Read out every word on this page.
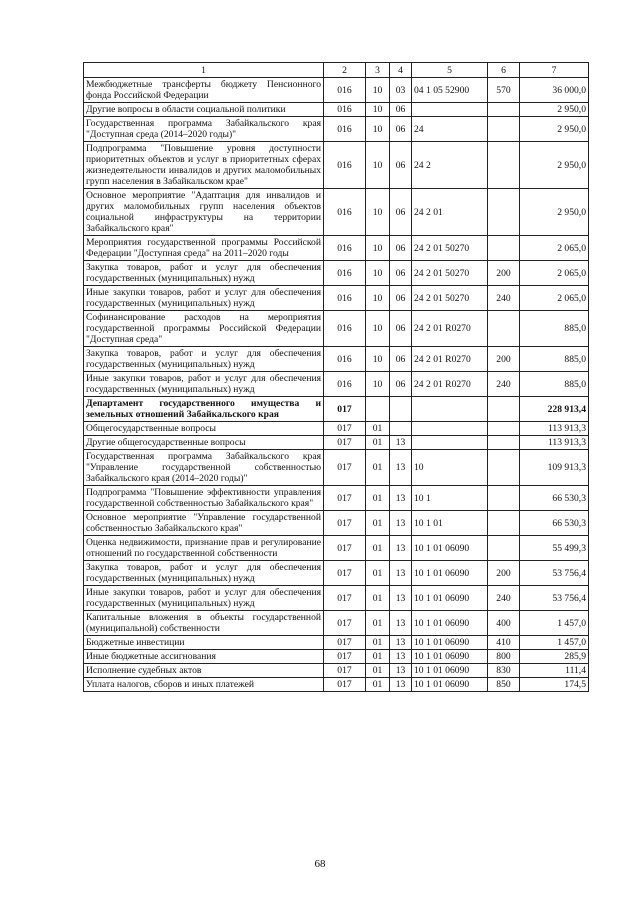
1	2	3	4	5	6	7
Межбюджетные трансферты бюджету Пенсионного фонда Российской Федерации	016	10	03	04 1 05 52900	570	36 000,0
Другие вопросы в области социальной политики	016	10	06			2 950,0
Государственная программа Забайкальского края "Доступная среда (2014–2020 годы)"	016	10	06	24		2 950,0
Подпрограмма "Повышение уровня доступности приоритетных объектов и услуг в приоритетных сферах жизнедеятельности инвалидов и других маломобильных групп населения в Забайкальском крае"	016	10	06	24 2		2 950,0
Основное мероприятие "Адаптация для инвалидов и других маломобильных групп населения объектов социальной инфраструктуры на территории Забайкальского края"	016	10	06	24 2 01		2 950,0
Мероприятия государственной программы Российской Федерации "Доступная среда" на 2011–2020 годы	016	10	06	24 2 01 50270		2 065,0
Закупка товаров, работ и услуг для обеспечения государственных (муниципальных) нужд	016	10	06	24 2 01 50270	200	2 065,0
Иные закупки товаров, работ и услуг для обеспечения государственных (муниципальных) нужд	016	10	06	24 2 01 50270	240	2 065,0
Софинансирование расходов на мероприятия государственной программы Российской Федерации "Доступная среда"	016	10	06	24 2 01 R0270		885,0
Закупка товаров, работ и услуг для обеспечения государственных (муниципальных) нужд	016	10	06	24 2 01 R0270	200	885,0
Иные закупки товаров, работ и услуг для обеспечения государственных (муниципальных) нужд	016	10	06	24 2 01 R0270	240	885,0
Департамент государственного имущества и земельных отношений Забайкальского края	017					228 913,4
Общегосударственные вопросы	017	01				113 913,3
Другие общегосударственные вопросы	017	01	13			113 913,3
Государственная программа Забайкальского края "Управление государственной собственностью Забайкальского края (2014–2020 годы)"	017	01	13	10		109 913,3
Подпрограмма "Повышение эффективности управления государственной собственностью Забайкальского края"	017	01	13	10 1		66 530,3
Основное мероприятие "Управление государственной собственностью Забайкальского края"	017	01	13	10 1 01		66 530,3
Оценка недвижимости, признание прав и регулирование отношений по государственной собственности	017	01	13	10 1 01 06090		55 499,3
Закупка товаров, работ и услуг для обеспечения государственных (муниципальных) нужд	017	01	13	10 1 01 06090	200	53 756,4
Иные закупки товаров, работ и услуг для обеспечения государственных (муниципальных) нужд	017	01	13	10 1 01 06090	240	53 756,4
Капитальные вложения в объекты государственной (муниципальной) собственности	017	01	13	10 1 01 06090	400	1 457,0
Бюджетные инвестиции	017	01	13	10 1 01 06090	410	1 457,0
Иные бюджетные ассигнования	017	01	13	10 1 01 06090	800	285,9
Исполнение судебных актов	017	01	13	10 1 01 06090	830	111,4
Уплата налогов, сборов и иных платежей	017	01	13	10 1 01 06090	850	174,5
68
